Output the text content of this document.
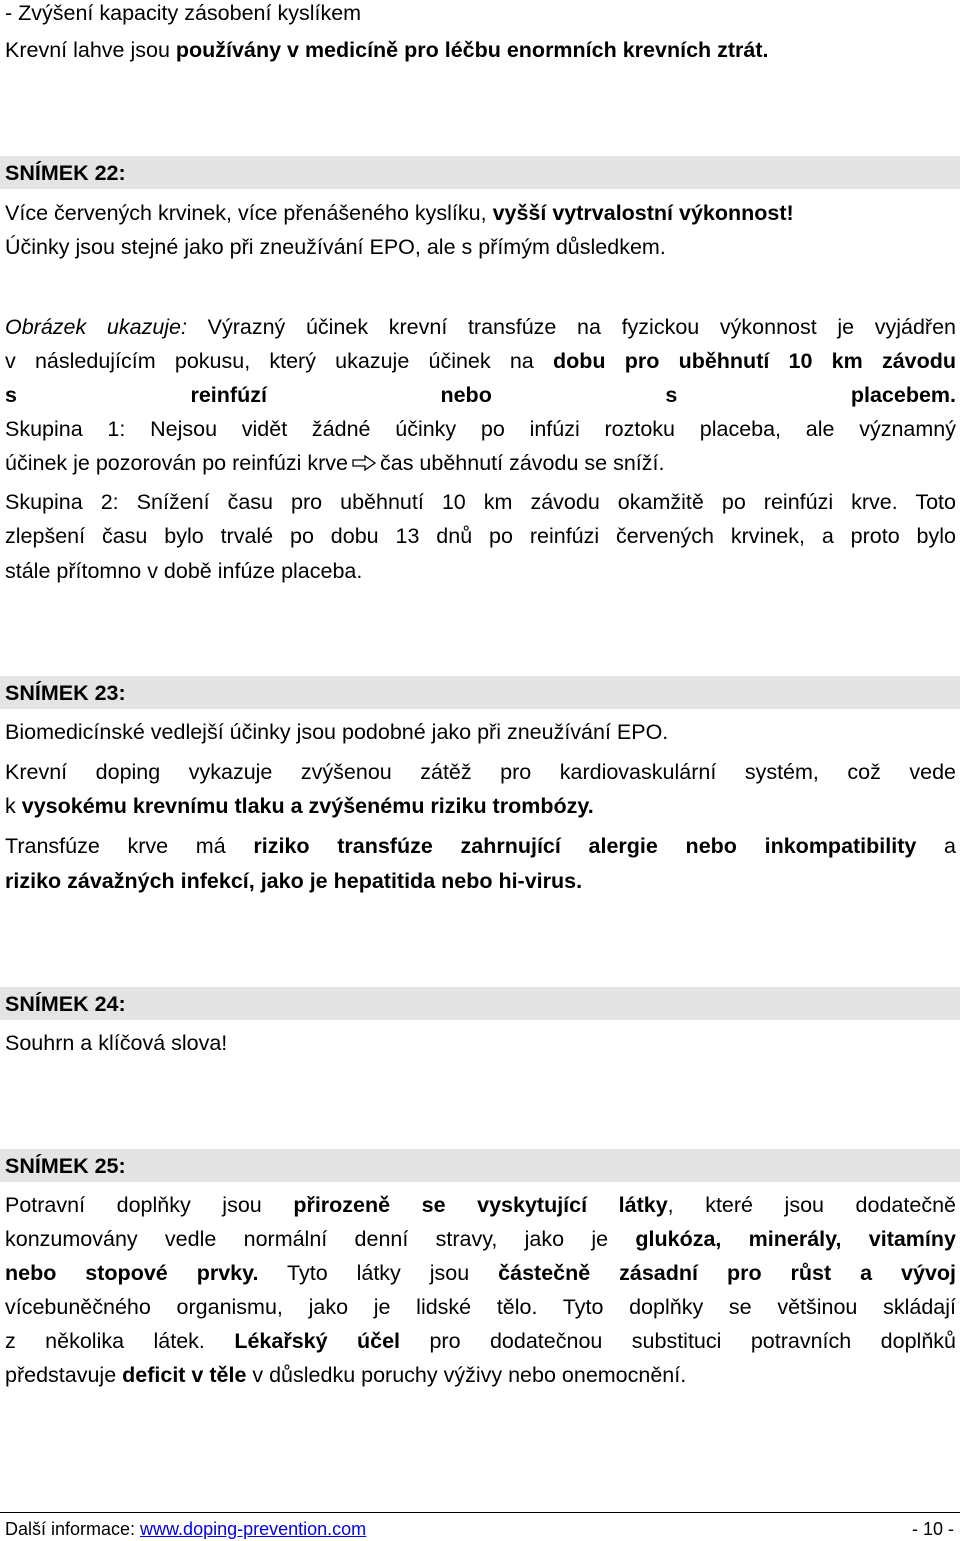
- Zvýšení kapacity zásobení kyslíkem
Krevní lahve jsou používány v medicíně pro léčbu enormních krevních ztrát.
SNÍMEK 22:
Více červených krvinek, více přenášeného kyslíku, vyšší vytrvalostní výkonnost!
Účinky jsou stejné jako při zneužívání EPO, ale s přímým důsledkem.
Obrázek ukazuje: Výrazný účinek krevní transfúze na fyzickou výkonnost je vyjádřen
v následujícím pokusu, který ukazuje účinek na dobu pro uběhnutí 10 km závodu
s reinfúzí	nebo	s placebem.
Skupina 1: Nejsou vidět žádné účinky po infúzi roztoku placeba, ale významný
účinek je pozorován po reinfúzi krve čas uběhnutí závodu se sníží.
Skupina 2: Snížení času pro uběhnutí 10 km závodu okamžitě po reinfúzi krve. Toto
zlepšení času bylo trvalé po dobu 13 dnů po reinfúzi červených krvinek, a proto bylo
stále přítomno v době infúze placeba.
SNÍMEK 23:
Biomedicínské vedlejší účinky jsou podobné jako při zneužívání EPO.
Krevní doping vykazuje zvýšenou zátěž pro kardiovaskulární systém, což vede
k vysokému krevnímu tlaku a zvýšenému riziku trombózy.
Transfúze krve má riziko transfúze zahrnující alergie nebo inkompatibility a
riziko závažných infekcí, jako je hepatitida nebo hi-virus.
SNÍMEK 24:
Souhrn a klíčová slova!
SNÍMEK 25:
Potravní doplňky jsou přirozeně se vyskytující látky, které jsou dodatečně
konzumovány vedle normální denní stravy, jako je glukóza, minerály, vitamíny
nebo stopové prvky. Tyto látky jsou částečně zásadní pro růst a vývoj
vícebuněčného organismu, jako je lidské tělo. Tyto doplňky se většinou skládají
z několika látek. Lékařský účel pro dodatečnou substituci potravních doplňků
představuje deficit v těle v důsledku poruchy výživy nebo onemocnění.
Další informace: www.doping-prevention.com	- 10 -
